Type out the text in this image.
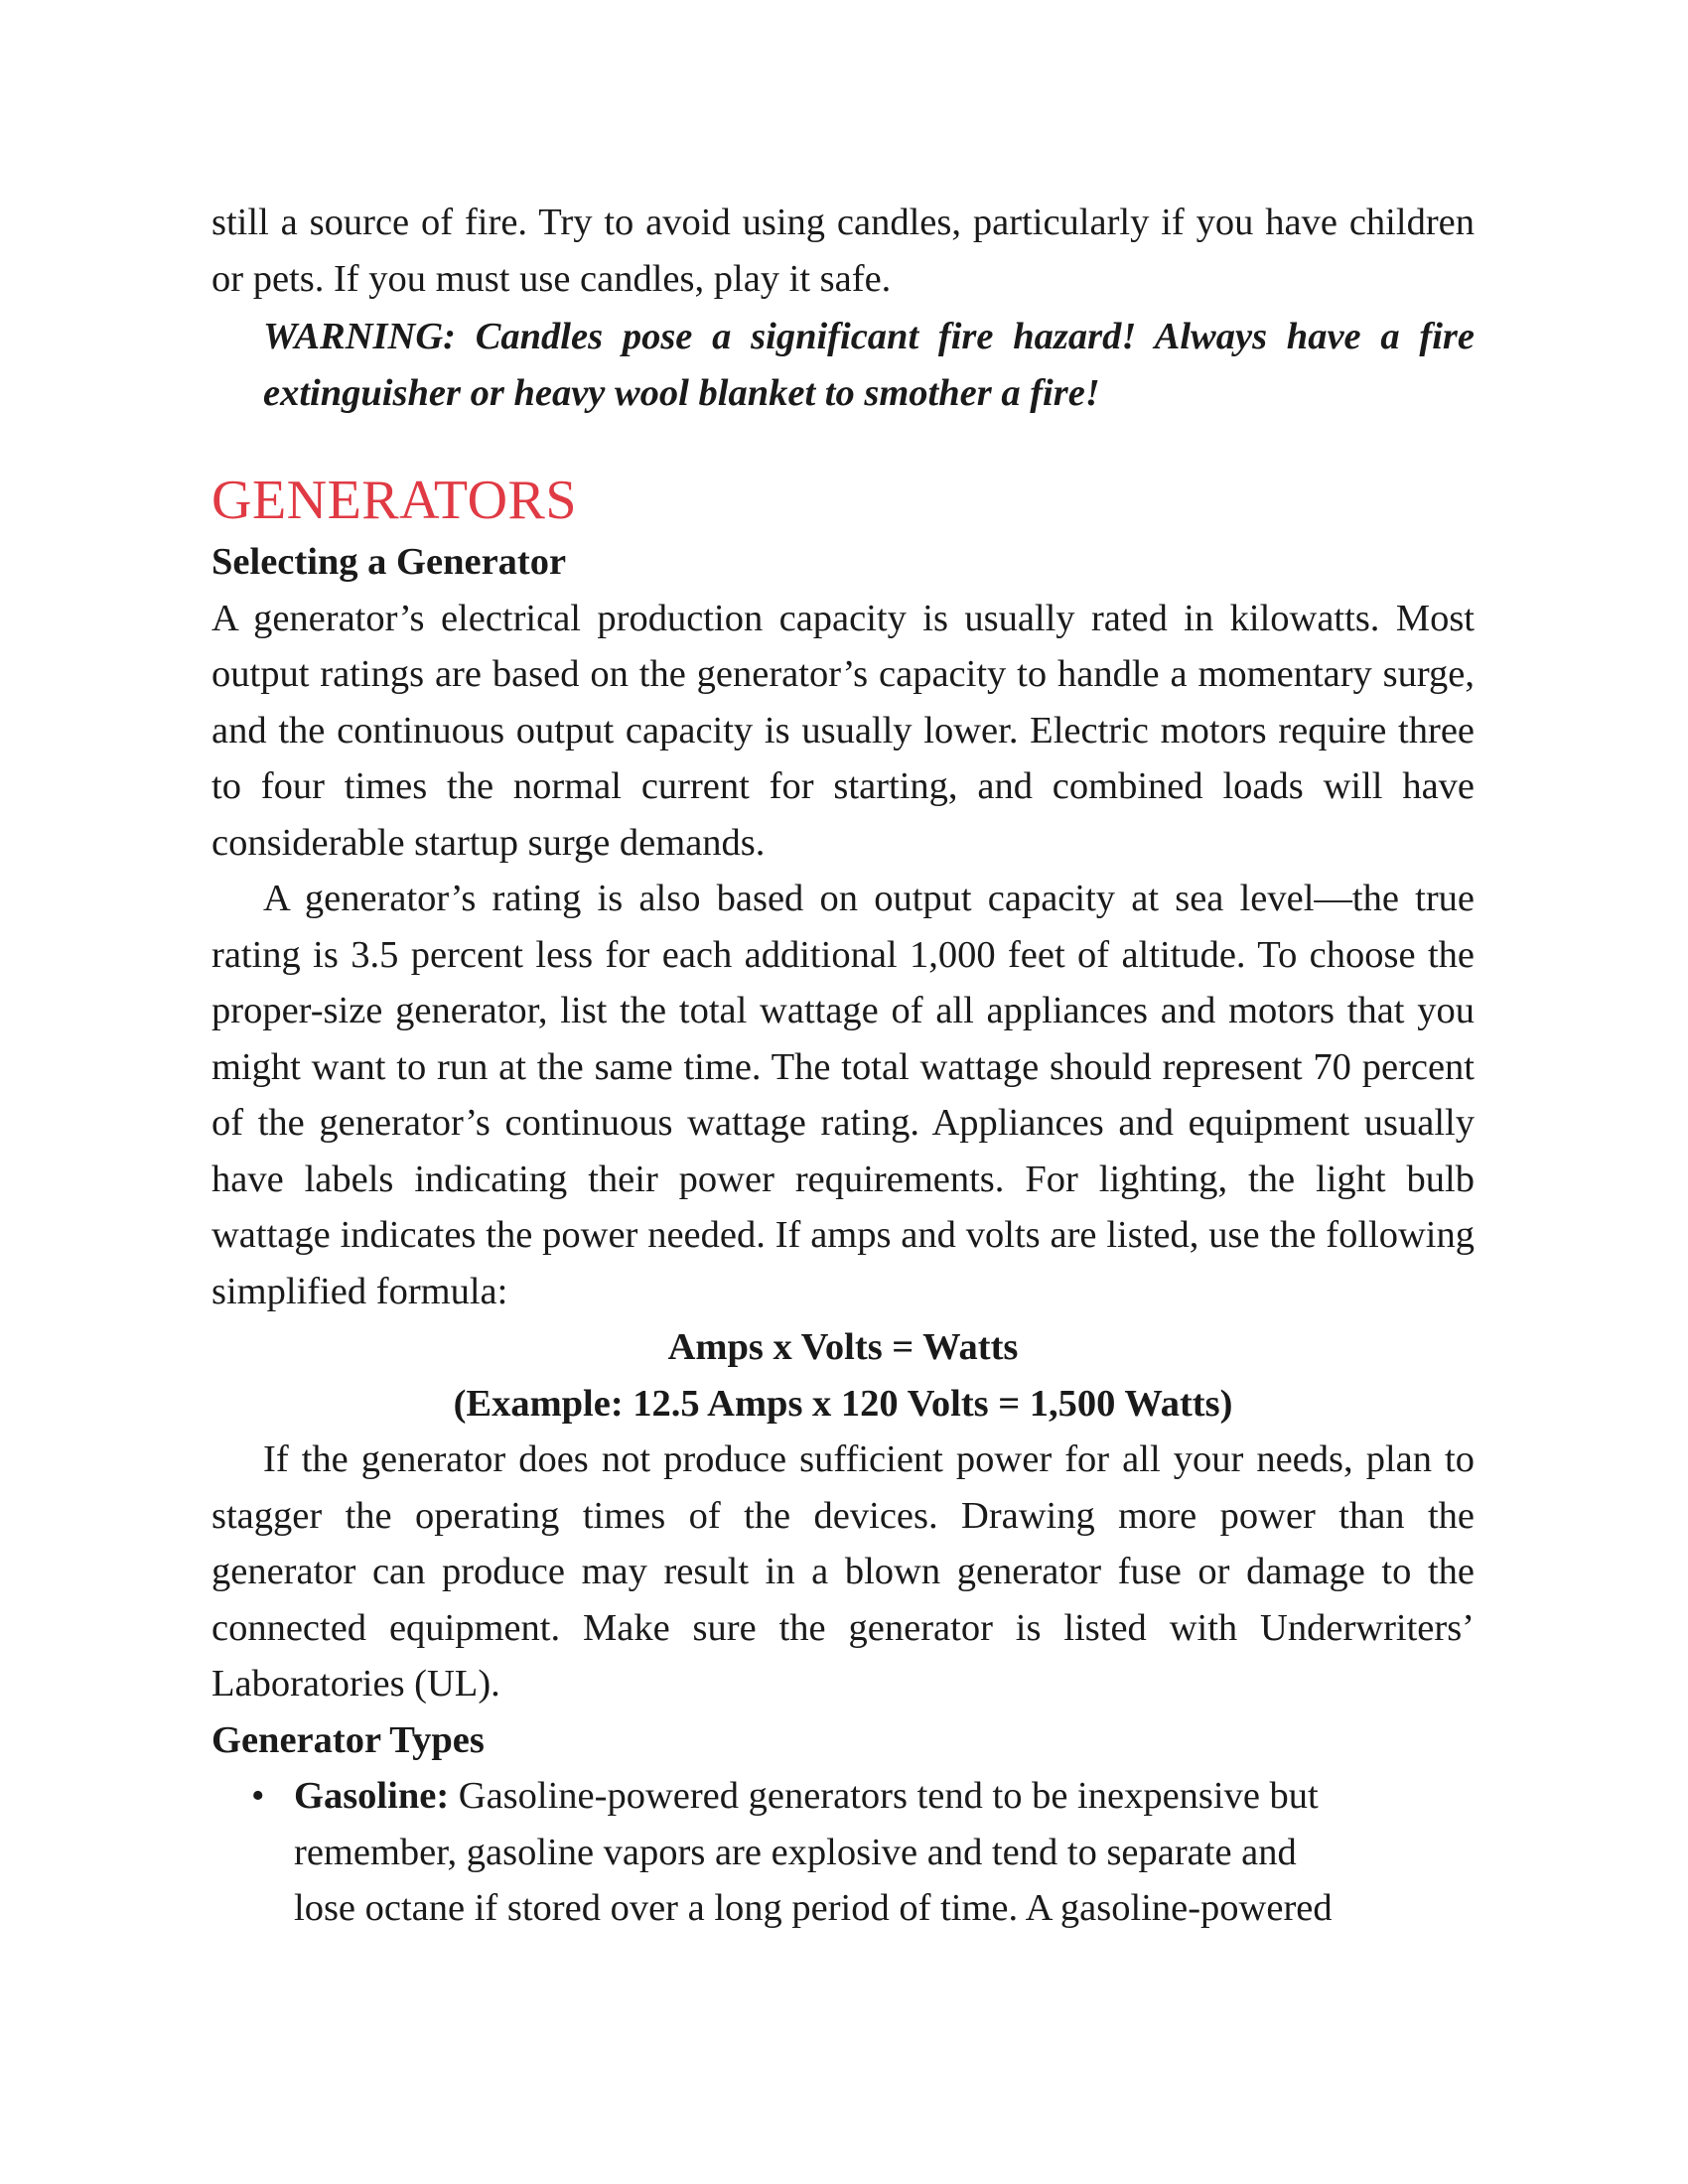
still a source of fire. Try to avoid using candles, particularly if you have children or pets. If you must use candles, play it safe.

WARNING: Candles pose a significant fire hazard! Always have a fire extinguisher or heavy wool blanket to smother a fire!

GENERATORS
Selecting a Generator

A generator’s electrical production capacity is usually rated in kilowatts. Most output ratings are based on the generator’s capacity to handle a momentary surge, and the continuous output capacity is usually lower. Electric motors require three to four times the normal current for starting, and combined loads will have considerable startup surge demands.

A generator’s rating is also based on output capacity at sea level—the true rating is 3.5 percent less for each additional 1,000 feet of altitude. To choose the proper-size generator, list the total wattage of all appliances and motors that you might want to run at the same time. The total wattage should represent 70 percent of the generator’s continuous wattage rating. Appliances and equipment usually have labels indicating their power requirements. For lighting, the light bulb wattage indicates the power needed. If amps and volts are listed, use the following simplified formula:

Amps x Volts = Watts

(Example: 12.5 Amps x 120 Volts = 1,500 Watts)

If the generator does not produce sufficient power for all your needs, plan to stagger the operating times of the devices. Drawing more power than the generator can produce may result in a blown generator fuse or damage to the connected equipment. Make sure the generator is listed with Underwriters’ Laboratories (UL).

Generator Types
• Gasoline: Gasoline-powered generators tend to be inexpensive but remember, gasoline vapors are explosive and tend to separate and lose octane if stored over a long period of time. A gasoline-powered
